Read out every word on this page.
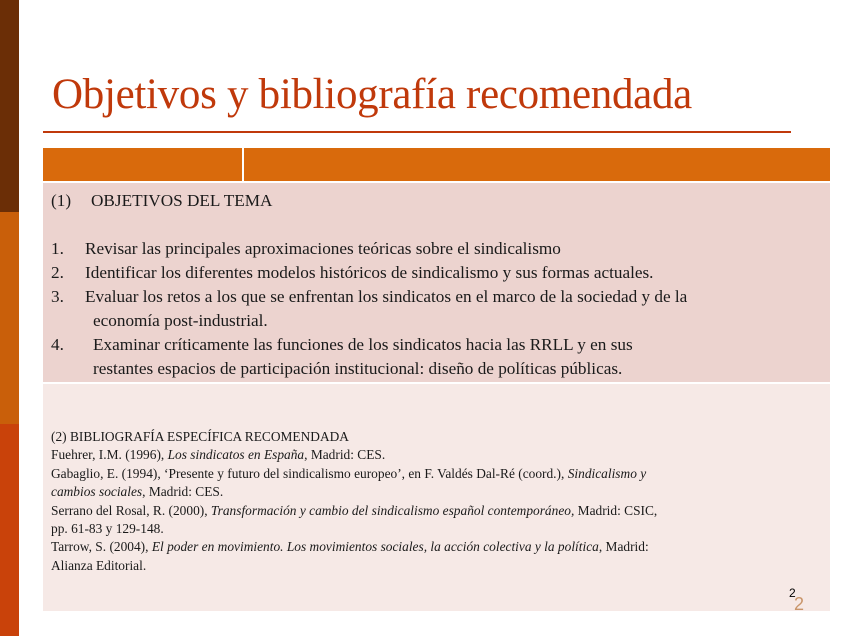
Objetivos y bibliografía recomendada
(1) OBJETIVOS DEL TEMA
1.	Revisar las principales aproximaciones teóricas sobre el sindicalismo
2.	Identificar los diferentes modelos históricos de sindicalismo y sus formas actuales.
3.	Evaluar los retos a los que se enfrentan los sindicatos en el marco de la sociedad y de la
economía post-industrial.
4.	Examinar críticamente las funciones de los sindicatos hacia las RRLL y en sus
restantes espacios de participación institucional: diseño de políticas públicas.

(2) BIBLIOGRAFÍA ESPECÍFICA RECOMENDADA

Fuehrer, I.M. (1996), Los sindicatos en España, Madrid: CES.

Gabaglio, E. (1994), ‘Presente y futuro del sindicalismo europeo’, en F. Valdés Dal-Ré (coord.), Sindicalismo y

cambios sociales, Madrid: CES.

Serrano del Rosal, R. (2000), Transformación y cambio del sindicalismo español contemporáneo, Madrid: CSIC,

pp. 61-83 y 129-148.

Tarrow, S. (2004), El poder en movimiento. Los movimientos sociales, la acción colectiva y la política, Madrid:

Alianza Editorial.

2
2
